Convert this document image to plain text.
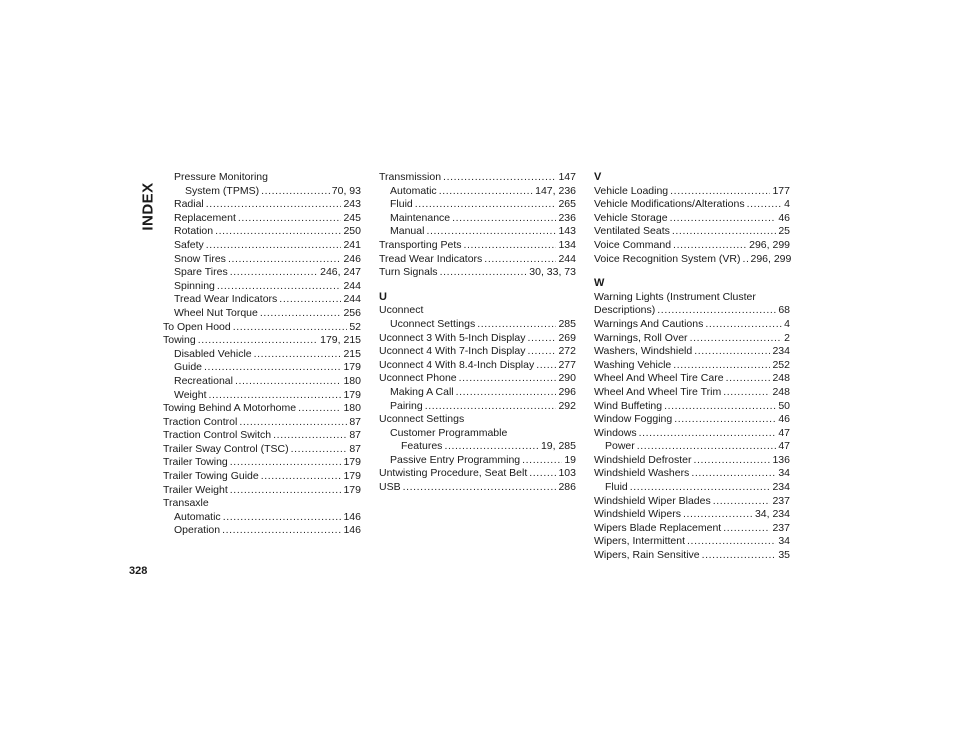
INDEX
Pressure Monitoring
System (TPMS) .....	70, 93
Radial .....	243
Replacement .....	245
Rotation .....	250
Safety .....	241
Snow Tires .....	246
Spare Tires .....	246, 247
Spinning .....	244
Tread Wear Indicators .....	244
Wheel Nut Torque .....	256
To Open Hood .....	52
Towing .....	179, 215
Disabled Vehicle .....	215
Guide .....	179
Recreational .....	180
Weight .....	179
Towing Behind A Motorhome .....	180
Traction Control .....	87
Traction Control Switch .....	87
Trailer Sway Control (TSC) .....	87
Trailer Towing .....	179
Trailer Towing Guide .....	179
Trailer Weight .....	179
Transaxle
Automatic .....	146
Operation .....	146
Transmission .....	147
Automatic .....	147, 236
Fluid .....	265
Maintenance .....	236
Manual .....	143
Transporting Pets .....	134
Tread Wear Indicators .....	244
Turn Signals .....	30, 33, 73
U
Uconnect
Uconnect Settings .....	285
Uconnect 3 With 5-Inch Display .....	269
Uconnect 4 With 7-Inch Display .....	272
Uconnect 4 With 8.4-Inch Display ..... 277
Uconnect Phone .....	290
Making A Call .....	296
Pairing .....	292
Uconnect Settings
Customer Programmable
Features .....	19, 285
Passive Entry Programming .....	19
Untwisting Procedure, Seat Belt .....	103
USB .....	286
V
Vehicle Loading .....	177
Vehicle Modifications/Alterations .....	4
Vehicle Storage .....	46
Ventilated Seats .....	25
Voice Command .....	296, 299
Voice Recognition System (VR) ..... 296, 299
W
Warning Lights (Instrument Cluster
Descriptions) .....	68
Warnings And Cautions .....	4
Warnings, Roll Over .....	2
Washers, Windshield .....	234
Washing Vehicle .....	252
Wheel And Wheel Tire Care .....	248
Wheel And Wheel Tire Trim .....	248
Wind Buffeting .....	50
Window Fogging .....	46
Windows .....	47
Power .....	47
Windshield Defroster .....	136
Windshield Washers .....	34
Fluid .....	234
Windshield Wiper Blades .....	237
Windshield Wipers .....	34, 234
Wipers Blade Replacement .....	237
Wipers, Intermittent .....	34
Wipers, Rain Sensitive .....	35
328
